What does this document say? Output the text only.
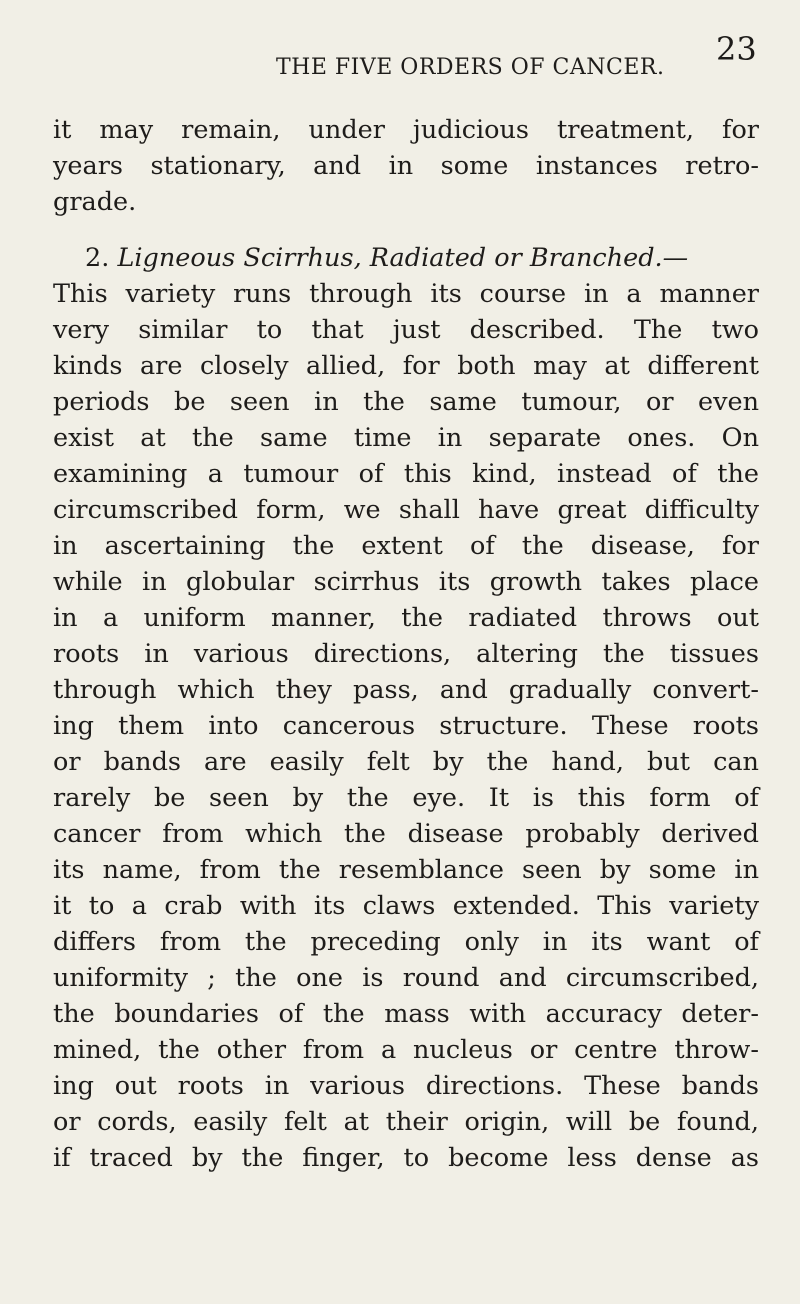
THE FIVE ORDERS OF CANCER. 23
it may remain, under judicious treatment, for
years stationary, and in some instances retro-
grade.
2. Ligneous Scirrhus, Radiated or Branched.—
This variety runs through its course in a manner
very similar to that just described. The two
kinds are closely allied, for both may at different
periods be seen in the same tumour, or even
exist at the same time in separate ones. On
examining a tumour of this kind, instead of the
circumscribed form, we shall have great difficulty
in ascertaining the extent of the disease, for
while in globular scirrhus its growth takes place
in a uniform manner, the radiated throws out
roots in various directions, altering the tissues
through which they pass, and gradually convert-
ing them into cancerous structure. These roots
or bands are easily felt by the hand, but can
rarely be seen by the eye. It is this form of
cancer from which the disease probably derived
its name, from the resemblance seen by some in
it to a crab with its claws extended. This variety
differs from the preceding only in its want of
uniformity ; the one is round and circumscribed,
the boundaries of the mass with accuracy deter-
mined, the other from a nucleus or centre throw-
ing out roots in various directions. These bands
or cords, easily felt at their origin, will be found,
if traced by the finger, to become less dense as
